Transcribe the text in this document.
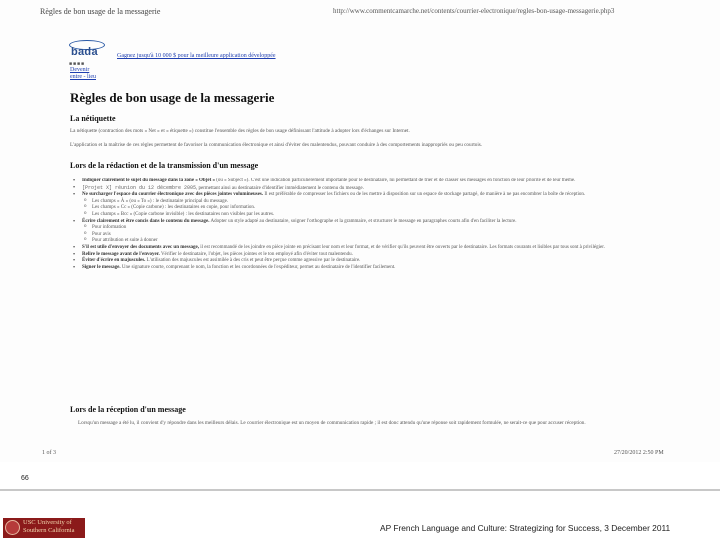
Règles de bon usage de la messagerie	http://www.commentcamarche.net/contents/courrier-electronique/regles-bon-usage-messagerie.php3
bada
■■■■
Devenir entre - lieu
Gagnez jusqu'à 10 000 $ pour la meilleure application développée
Règles de bon usage de la messagerie
La nétiquette
La nétiquette (contraction des mots « Net » et « étiquette ») constitue l'ensemble des règles de bon usage définissant l'attitude à adopter lors d'échanges sur Internet.
L'application et la maîtrise de ces règles permettent de favoriser la communication électronique et ainsi d'éviter des malentendus, pouvant conduire à des comportements inappropriés ou peu courtois.
Lors de la rédaction et de la transmission d'un message
• Indiquer clairement le sujet du message dans la zone « Objet » (ou « Subject »). C'est une indication particulièrement importante pour le destinataire, lui permettant de trier et de classer ses messages en fonction de leur priorité et de leur thème.
• [Projet X] réunion du 12 décembre 2005, permettant ainsi au destinataire d'identifier immédiatement le contenu du message.
• Ne surcharger l'espace du courrier électronique avec des pièces jointes volumineuses. Il est préférable de compresser les fichiers ou de les mettre à disposition sur un espace de stockage partagé, de manière à ne pas encombrer la boîte de réception.
o Les champs « À » (ou « To ») : le destinataire principal du message.
o Les champs « Cc » (Copie carbone) : les destinataires en copie, pour information.
o Les champs « Bcc » (Copie carbone invisible) : les destinataires non visibles par les autres.
• Écrire clairement et être concis dans le contenu du message. Adopter un style adapté au destinataire, soigner l'orthographe et la grammaire, et structurer le message en paragraphes courts afin d'en faciliter la lecture.
o Pour information
o Pour avis
o Pour attribution et suite à donner
• S'il est utile d'envoyer des documents avec un message, il est recommandé de les joindre en pièce jointe en précisant leur nom et leur format, et de vérifier qu'ils peuvent être ouverts par le destinataire. Les formats courants et lisibles par tous sont à privilégier.
• Relire le message avant de l'envoyer. Vérifier le destinataire, l'objet, les pièces jointes et le ton employé afin d'éviter tout malentendu.
• Éviter d'écrire en majuscules. L'utilisation des majuscules est assimilée à des cris et peut être perçue comme agressive par le destinataire.
• Signer le message. Une signature courte, comprenant le nom, la fonction et les coordonnées de l'expéditeur, permet au destinataire de l'identifier facilement.
Lors de la réception d'un message
Lorsqu'un message a été lu, il convient d'y répondre dans les meilleurs délais. Le courrier électronique est un moyen de communication rapide ; il est donc attendu qu'une réponse soit rapidement formulée, ne serait-ce que pour accuser réception.
1 of 3	27/20/2012 2:50 PM
66
USC University of Southern California	AP French Language and Culture: Strategizing for Success, 3 December 2011
